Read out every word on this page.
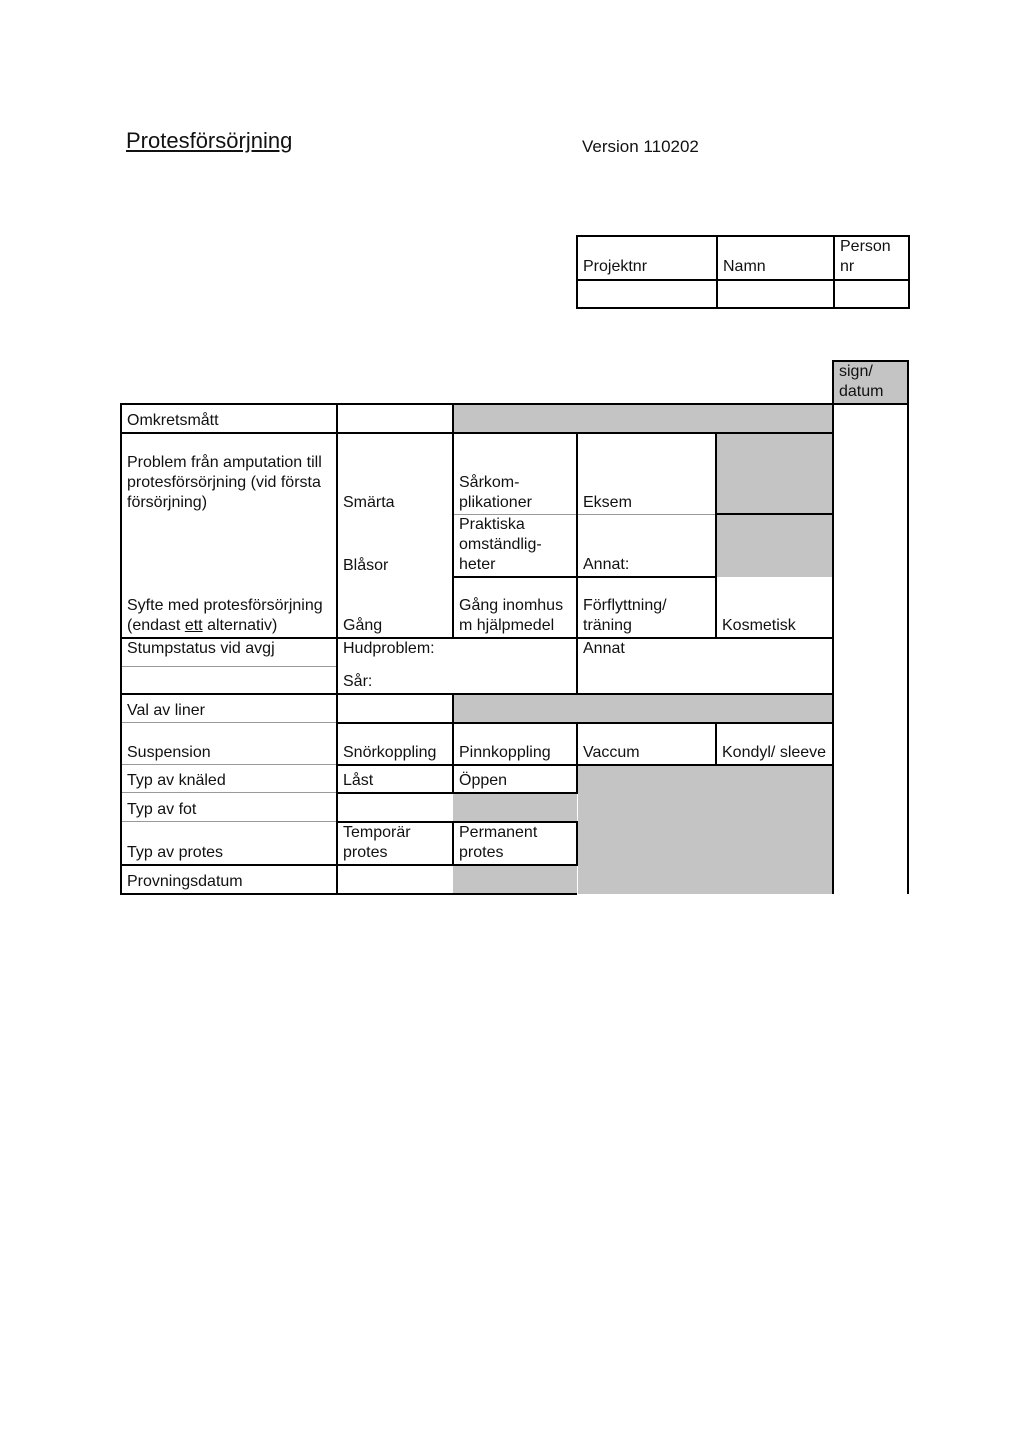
Protesförsörjning	Version 110202
Projektnr	Namn	Person nr

					sign/ datum
Omkretsmått					
Problem från amputation till protesförsörjning (vid första försörjning)	Smärta	Sårkom- plikationer	Eksem		
	Blåsor	Praktiska omständlig- heter	Annat:		
Syfte med protesförsörjning (endast ett alternativ)	Gång	Gång inomhus m hjälpmedel	Förflyttning/ träning	Kosmetisk	
Stumpstatus vid avgj	Hudproblem:		Annat		
	Sår:				
Val av liner					
Suspension	Snörkoppling	Pinnkoppling	Vaccum	Kondyl/ sleeve	
Typ av knäled	Låst	Öppen			
Typ av fot					
Typ av protes	Temporär protes	Permanent protes			
Provningsdatum					
